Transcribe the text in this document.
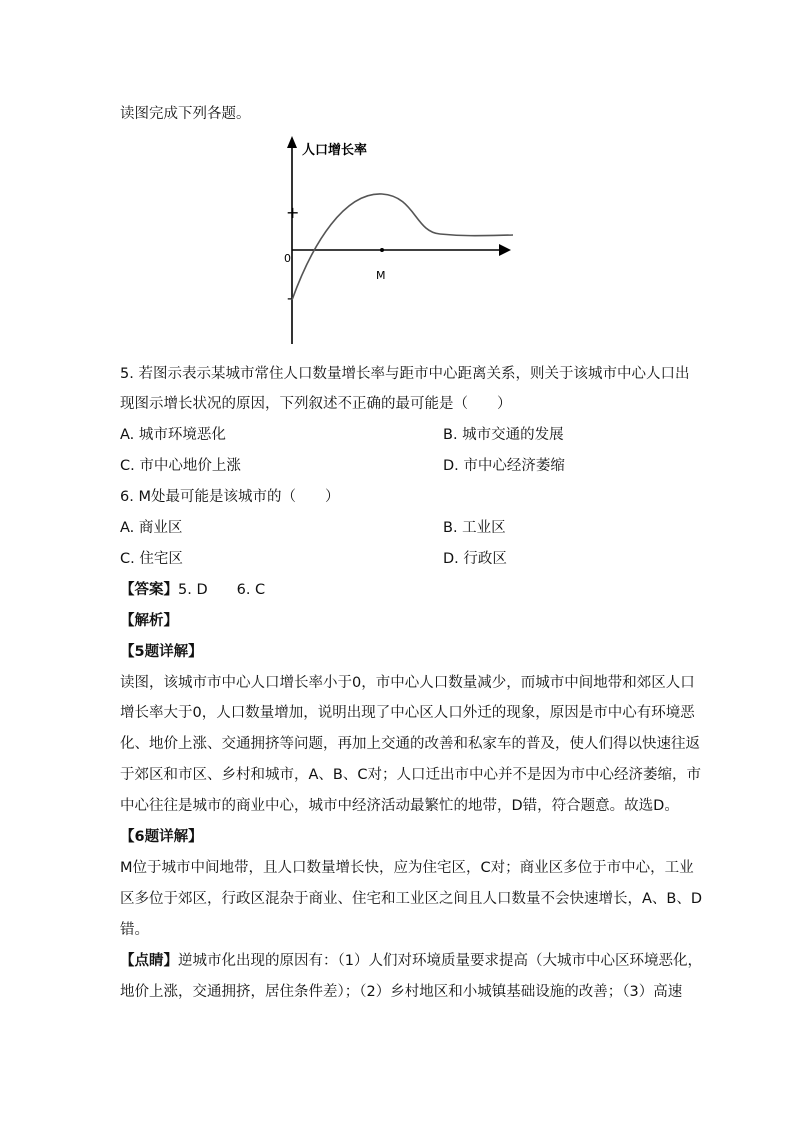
读图完成下列各题。
人口增长率
+
-
0
M
5. 若图示表示某城市常住人口数量增长率与距市中心距离关系，则关于该城市中心人口出
现图示增长状况的原因，下列叙述不正确的最可能是（　　）
A. 城市环境恶化	B. 城市交通的发展
C. 市中心地价上涨	D. 市中心经济萎缩
6. M处最可能是该城市的（　　）
A. 商业区	B. 工业区
C. 住宅区	D. 行政区
【答案】5. D　　6. C
【解析】
【5题详解】
读图，该城市市中心人口增长率小于0，市中心人口数量减少，而城市中间地带和郊区人口
增长率大于0，人口数量增加，说明出现了中心区人口外迁的现象，原因是市中心有环境恶
化、地价上涨、交通拥挤等问题，再加上交通的改善和私家车的普及，使人们得以快速往返
于郊区和市区、乡村和城市，A、B、C对；人口迁出市中心并不是因为市中心经济萎缩，市
中心往往是城市的商业中心，城市中经济活动最繁忙的地带，D错，符合题意。故选D。
【6题详解】
M位于城市中间地带，且人口数量增长快，应为住宅区，C对；商业区多位于市中心，工业
区多位于郊区，行政区混杂于商业、住宅和工业区之间且人口数量不会快速增长，A、B、D
错。
【点睛】逆城市化出现的原因有：（1）人们对环境质量要求提高（大城市中心区环境恶化，
地价上涨，交通拥挤，居住条件差）；（2）乡村地区和小城镇基础设施的改善；（3）高速
